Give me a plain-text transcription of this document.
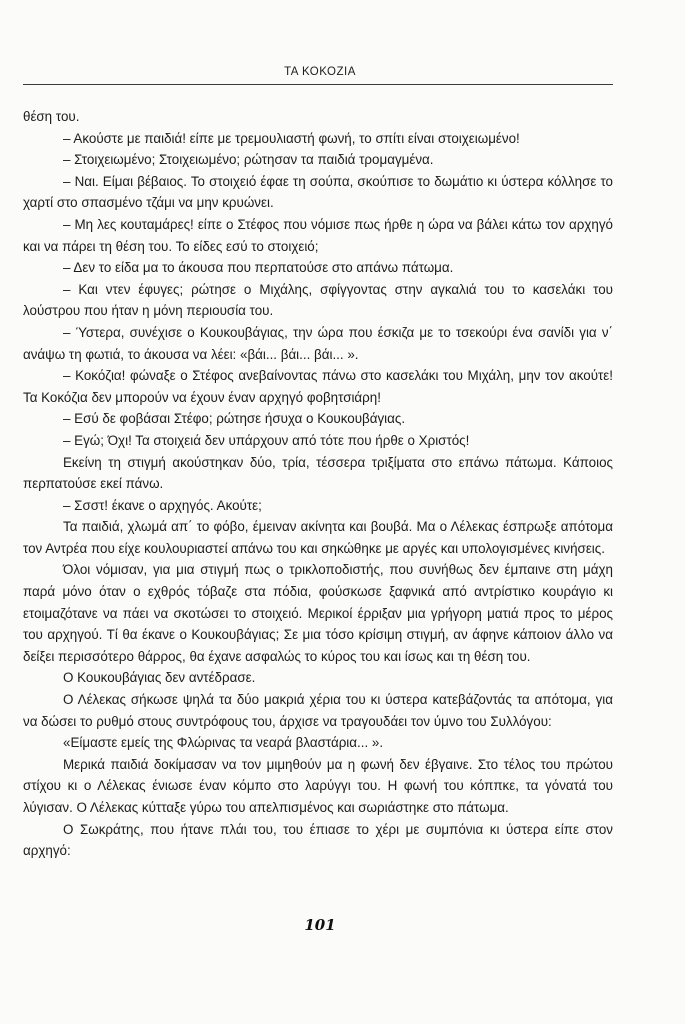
ΤΑ ΚΟΚΟΖΙΑ

θέση του.

– Ακούστε με παιδιά! είπε με τρεμουλιαστή φωνή, το σπίτι είναι στοιχειωμένο!

– Στοιχειωμένο; Στοιχειωμένο; ρώτησαν τα παιδιά τρομαγμένα.

– Ναι. Είμαι βέβαιος. Το στοιχειό έφαε τη σούπα, σκούπισε το δωμάτιο κι ύστερα κόλλησε το χαρτί στο σπασμένο τζάμι να μην κρυώνει.

– Μη λες κουταμάρες! είπε ο Στέφος που νόμισε πως ήρθε η ώρα να βάλει κάτω τον αρχηγό και να πάρει τη θέση του. Το είδες εσύ το στοιχειό;

– Δεν το είδα μα το άκουσα που περπατούσε στο απάνω πάτωμα.

– Και ντεν έφυγες; ρώτησε ο Μιχάλης, σφίγγοντας στην αγκαλιά του το κασελάκι του λούστρου που ήταν η μόνη περιουσία του.

– Ύστερα, συνέχισε ο Κουκουβάγιας, την ώρα που έσκιζα με το τσεκούρι ένα σανίδι για ν΄ ανάψω τη φωτιά, το άκουσα να λέει: «βάι... βάι... βάι... ».

– Κοκόζια! φώναξε ο Στέφος ανεβαίνοντας πάνω στο κασελάκι του Μιχάλη, μην τον ακούτε! Τα Κοκόζια δεν μπορούν να έχουν έναν αρχηγό φοβητσιάρη!

– Εσύ δε φοβάσαι Στέφο; ρώτησε ήσυχα ο Κουκουβάγιας.

– Εγώ; Όχι! Τα στοιχειά δεν υπάρχουν από τότε που ήρθε ο Χριστός!

Εκείνη τη στιγμή ακούστηκαν δύο, τρία, τέσσερα τριξίματα στο επάνω πάτωμα. Κάποιος περπατούσε εκεί πάνω.

– Σσστ! έκανε ο αρχηγός. Ακούτε;

Τα παιδιά, χλωμά απ΄ το φόβο, έμειναν ακίνητα και βουβά. Μα ο Λέλεκας έσπρωξε απότομα τον Αντρέα που είχε κουλουριαστεί απάνω του και σηκώθηκε με αργές και υπολογισμένες κινήσεις.

Όλοι νόμισαν, για μια στιγμή πως ο τρικλοποδιστής, που συνήθως δεν έμπαινε στη μάχη παρά μόνο όταν ο εχθρός τόβαζε στα πόδια, φούσκωσε ξαφνικά από αντρίστικο κουράγιο κι ετοιμαζότανε να πάει να σκοτώσει το στοιχειό. Μερικοί έρριξαν μια γρήγορη ματιά προς το μέρος του αρχηγού. Τί θα έκανε ο Κουκουβάγιας; Σε μια τόσο κρίσιμη στιγμή, αν άφηνε κάποιον άλλο να δείξει περισσότερο θάρρος, θα έχανε ασφαλώς το κύρος του και ίσως και τη θέση του.

Ο Κουκουβάγιας δεν αντέδρασε.

Ο Λέλεκας σήκωσε ψηλά τα δύο μακριά χέρια του κι ύστερα κατεβάζοντάς τα απότομα, για να δώσει το ρυθμό στους συντρόφους του, άρχισε να τραγουδάει τον ύμνο του Συλλόγου:

«Είμαστε εμείς της Φλώρινας τα νεαρά βλαστάρια... ».

Μερικά παιδιά δοκίμασαν να τον μιμηθούν μα η φωνή δεν έβγαινε. Στο τέλος του πρώτου στίχου κι ο Λέλεκας ένιωσε έναν κόμπο στο λαρύγγι του. Η φωνή του κόππκε, τα γόνατά του λύγισαν. Ο Λέλεκας κύτταξε γύρω του απελπισμένος και σωριάστηκε στο πάτωμα.

Ο Σωκράτης, που ήτανε πλάι του, του έπιασε το χέρι με συμπόνια κι ύστερα είπε στον αρχηγό:

101
